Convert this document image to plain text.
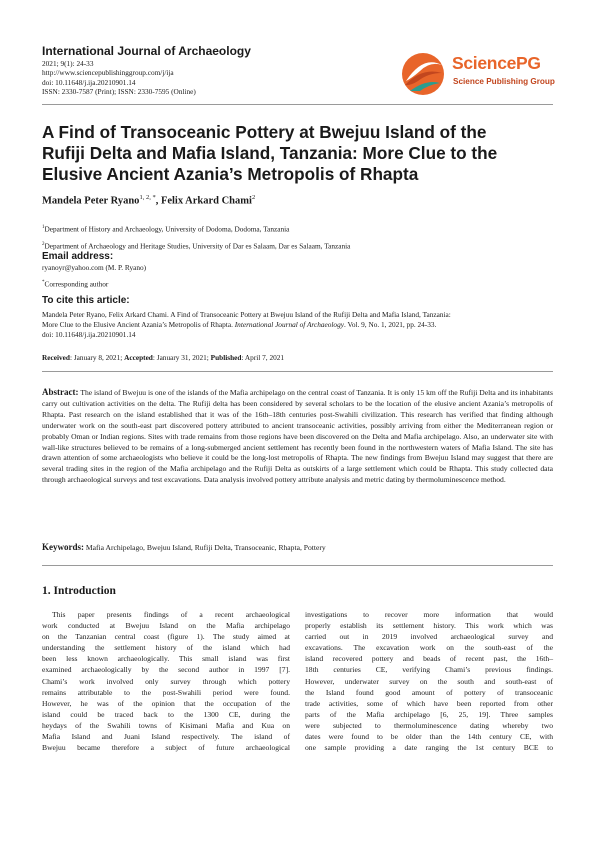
International Journal of Archaeology
2021; 9(1): 24-33
http://www.sciencepublishinggroup.com/j/ija
doi: 10.11648/j.ija.20210901.14
ISSN: 2330-7587 (Print); ISSN: 2330-7595 (Online)
SciencePG
Science Publishing Group
A Find of Transoceanic Pottery at Bwejuu Island of the
Rufiji Delta and Mafia Island, Tanzania: More Clue to the
Elusive Ancient Azania’s Metropolis of Rhapta
Mandela Peter Ryano$^{1, 2, *}$, Felix Arkard Chami$^2$
$^1$Department of History and Archaeology, University of Dodoma, Dodoma, Tanzania
$^2$Department of Archaeology and Heritage Studies, University of Dar es Salaam, Dar es Salaam, Tanzania
Email address:
ryanoyr@yahoo.com (M. P. Ryano)
*Corresponding author
To cite this article:
Mandela Peter Ryano, Felix Arkard Chami. A Find of Transoceanic Pottery at Bwejuu Island of the Rufiji Delta and Mafia Island, Tanzania:
More Clue to the Elusive Ancient Azania’s Metropolis of Rhapta. International Journal of Archaeology. Vol. 9, No. 1, 2021, pp. 24-33.
doi: 10.11648/j.ija.20210901.14
Received: January 8, 2021; Accepted: January 31, 2021; Published: April 7, 2021
Abstract: The island of Bwejuu is one of the islands of the Mafia archipelago on the central coast of Tanzania. It is only 15 km off the Rufiji Delta and its inhabitants carry out cultivation activities on the delta. The Rufiji delta has been considered by several scholars to be the location of the elusive ancient Azania’s metropolis of Rhapta. Past research on the island established that it was of the 16th–18th centuries post-Swahili civilization. This research has verified that finding although underwater work on the south-east part discovered pottery attributed to ancient transoceanic activities, possibly arriving from either the Mediterranean region or probably Oman or Indian regions. Sites with trade remains from those regions have been discovered on the Delta and Mafia archipelago. Also, an underwater site with wall-like structures believed to be remains of a long-submerged ancient settlement has recently been found in the northwestern waters of Mafia Island. The site has drawn attention of some archaeologists who believe it could be the long-lost metropolis of Rhapta. The new findings from Bwejuu Island may suggest that there are several trading sites in the region of the Mafia archipelago and the Rufiji Delta as outskirts of a large settlement which could be Rhapta. This study collected data through archaeological surveys and test excavations. Data analysis involved pottery attribute analysis and metric dating by thermoluminescence method.
Keywords: Mafia Archipelago, Bwejuu Island, Rufiji Delta, Transoceanic, Rhapta, Pottery
1. Introduction
This paper presents findings of a recent archaeological
work conducted at Bwejuu Island on the Mafia archipelago
on the Tanzanian central coast (figure 1). The study aimed at
understanding the settlement history of the island which had
been less known archaeologically. This small island was first
examined archaeologically by the second author in 1997 [7].
Chami’s work involved only survey through which pottery
remains attributable to the post-Swahili period were found.
However, he was of the opinion that the occupation of the
island could be traced back to the 1300 CE, during the
heydays of the Swahili towns of Kisimani Mafia and Kua on
Mafia Island and Juani Island respectively. The island of
Bwejuu became therefore a subject of future archaeological
investigations to recover more information that would
properly establish its settlement history. This work which was
carried out in 2019 involved archaeological survey and
excavations. The excavation work on the south-east of the
island recovered pottery and beads of recent past, the 16th–
18th centuries CE, verifying Chami’s previous findings.
However, underwater survey on the south and south-east of
the Island found good amount of pottery of transoceanic
trade activities, some of which have been reported from other
parts of the Mafia archipelago [6, 25, 19]. Three samples
were subjected to thermoluminescence dating whereby two
dates were found to be older than the 14th century CE, with
one sample providing a date ranging the 1st century BCE to
